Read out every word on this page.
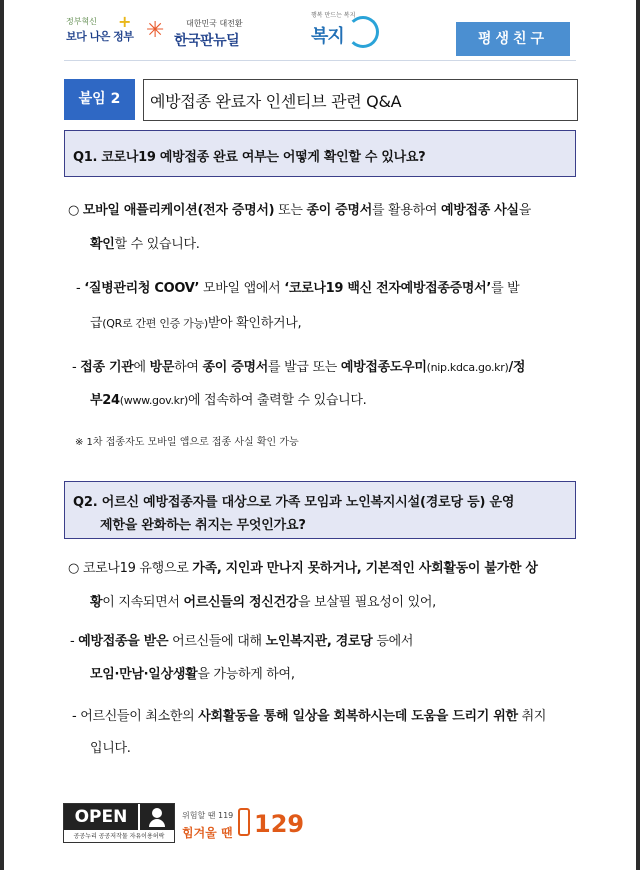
정부혁신
보다 나은 정부
+ ✳	대한민국 대전환
한국판뉴딜
행복 만드는 복지
복지	평생친구
붙임 2	예방접종 완료자 인센티브 관련 Q&A
Q1. 코로나19 예방접종 완료 여부는 어떻게 확인할 수 있나요?
○ 모바일 애플리케이션(전자 증명서) 또는 종이 증명서를 활용하여 예방접종 사실을
확인할 수 있습니다.
- ‘질병관리청 COOV’ 모바일 앱에서 ‘코로나19 백신 전자예방접종증명서’를 발
급(QR로 간편 인증 가능)받아 확인하거나,
- 접종 기관에 방문하여 종이 증명서를 발급 또는 예방접종도우미(nip.kdca.go.kr)/정
부24(www.gov.kr)에 접속하여 출력할 수 있습니다.
※ 1차 접종자도 모바일 앱으로 접종 사실 확인 가능
Q2. 어르신 예방접종자를 대상으로 가족 모임과 노인복지시설(경로당 등) 운영
제한을 완화하는 취지는 무엇인가요?
○ 코로나19 유행으로 가족, 지인과 만나지 못하거나, 기본적인 사회활동이 불가한 상
황이 지속되면서 어르신들의 정신건강을 보살필 필요성이 있어,
- 예방접종을 받은 어르신들에 대해 노인복지관, 경로당 등에서
모임·만남·일상생활을 가능하게 하여,
- 어르신들이 최소한의 사회활동을 통해 일상을 회복하시는데 도움을 드리기 위한 취지
입니다.
OPEN
공공누리 공공저작물 자유이용허락
위험할 땐 119
힘겨울 땐 129
